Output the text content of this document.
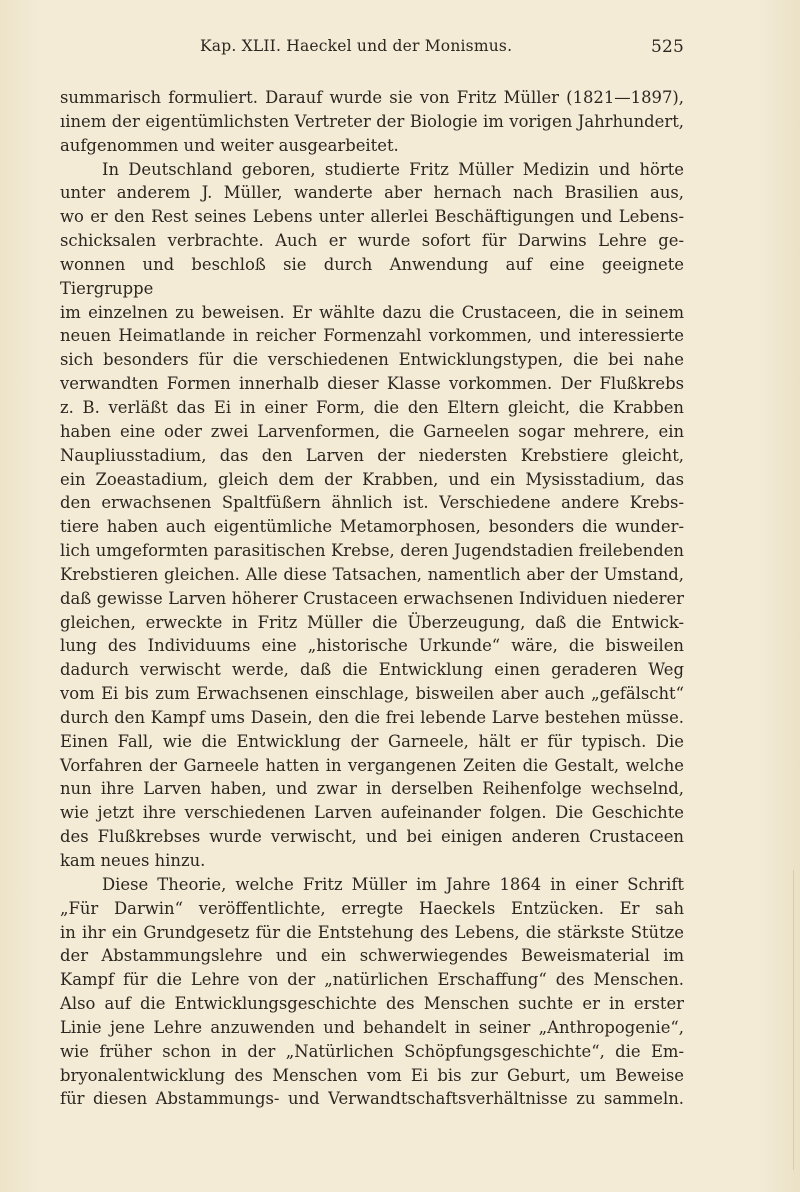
Kap. XLII. Haeckel und der Monismus.	525

summarisch formuliert. Darauf wurde sie von Fritz Müller (1821—1897),

ıinem der eigentümlichsten Vertreter der Biologie im vorigen Jahrhundert,

aufgenommen und weiter ausgearbeitet.

In Deutschland geboren, studierte Fritz Müller Medizin und hörte

unter anderem J. Müller, wanderte aber hernach nach Brasilien aus,

wo er den Rest seines Lebens unter allerlei Beschäftigungen und Lebens-

schicksalen verbrachte. Auch er wurde sofort für Darwins Lehre ge-

wonnen und beschloß sie durch Anwendung auf eine geeignete Tiergruppe

im einzelnen zu beweisen. Er wählte dazu die Crustaceen, die in seinem

neuen Heimatlande in reicher Formenzahl vorkommen, und interessierte

sich besonders für die verschiedenen Entwicklungstypen, die bei nahe

verwandten Formen innerhalb dieser Klasse vorkommen. Der Flußkrebs

z. B. verläßt das Ei in einer Form, die den Eltern gleicht, die Krabben

haben eine oder zwei Larvenformen, die Garneelen sogar mehrere, ein

Naupliusstadium, das den Larven der niedersten Krebstiere gleicht,

ein Zoeastadium, gleich dem der Krabben, und ein Mysisstadium, das

den erwachsenen Spaltfüßern ähnlich ist. Verschiedene andere Krebs-

tiere haben auch eigentümliche Metamorphosen, besonders die wunder-

lich umgeformten parasitischen Krebse, deren Jugendstadien freilebenden

Krebstieren gleichen. Alle diese Tatsachen, namentlich aber der Umstand,

daß gewisse Larven höherer Crustaceen erwachsenen Individuen niederer

gleichen, erweckte in Fritz Müller die Überzeugung, daß die Entwick-

lung des Individuums eine „historische Urkunde“ wäre, die bisweilen

dadurch verwischt werde, daß die Entwicklung einen geraderen Weg

vom Ei bis zum Erwachsenen einschlage, bisweilen aber auch „gefälscht“

durch den Kampf ums Dasein, den die frei lebende Larve bestehen müsse.

Einen Fall, wie die Entwicklung der Garneele, hält er für typisch. Die

Vorfahren der Garneele hatten in vergangenen Zeiten die Gestalt, welche

nun ihre Larven haben, und zwar in derselben Reihenfolge wechselnd,

wie jetzt ihre verschiedenen Larven aufeinander folgen. Die Geschichte

des Flußkrebses wurde verwischt, und bei einigen anderen Crustaceen

kam neues hinzu.

Diese Theorie, welche Fritz Müller im Jahre 1864 in einer Schrift

„Für Darwin“ veröffentlichte, erregte Haeckels Entzücken. Er sah

in ihr ein Grundgesetz für die Entstehung des Lebens, die stärkste Stütze

der Abstammungslehre und ein schwerwiegendes Beweismaterial im

Kampf für die Lehre von der „natürlichen Erschaffung“ des Menschen.

Also auf die Entwicklungsgeschichte des Menschen suchte er in erster

Linie jene Lehre anzuwenden und behandelt in seiner „Anthropogenie“,

wie früher schon in der „Natürlichen Schöpfungsgeschichte“, die Em-

bryonalentwicklung des Menschen vom Ei bis zur Geburt, um Beweise

für diesen Abstammungs- und Verwandtschaftsverhältnisse zu sammeln.
